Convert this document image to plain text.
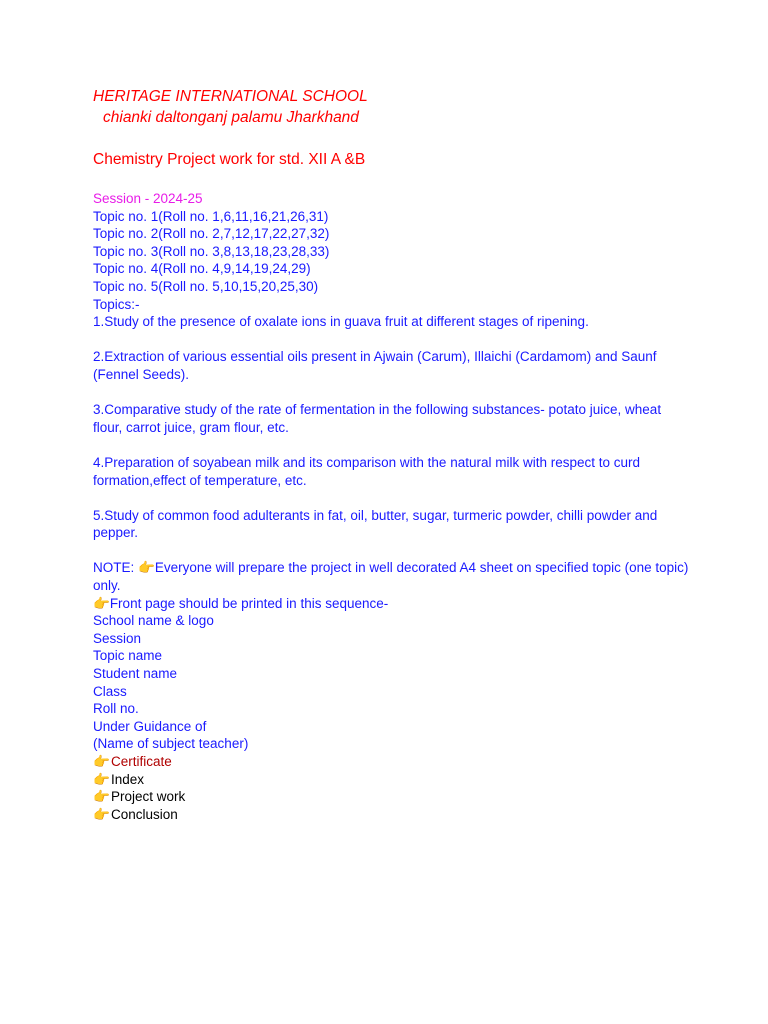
HERITAGE INTERNATIONAL SCHOOL

chianki daltonganj palamu Jharkhand

Chemistry Project work for std. XII A &B

Session - 2024-25

Topic no. 1(Roll no. 1,6,11,16,21,26,31)

Topic no. 2(Roll no. 2,7,12,17,22,27,32)

Topic no. 3(Roll no. 3,8,13,18,23,28,33)

Topic no. 4(Roll no. 4,9,14,19,24,29)

Topic no. 5(Roll no. 5,10,15,20,25,30)

Topics:-

1.Study of the presence of oxalate ions in guava fruit at different stages of ripening.

2.Extraction of various essential oils present in Ajwain (Carum), Illaichi (Cardamom) and Saunf (Fennel Seeds).

3.Comparative study of the rate of fermentation in the following substances- potato juice, wheat flour, carrot juice, gram flour, etc.

4.Preparation of soyabean milk and its comparison with the natural milk with respect to curd formation,effect of temperature, etc.

5.Study of common food adulterants in fat, oil, butter, sugar, turmeric powder, chilli powder and pepper.

NOTE: 👉Everyone will prepare the project in well decorated A4 sheet on specified topic (one topic) only.

👉Front page should be printed in this sequence-

School name & logo

Session

Topic name

Student name

Class

Roll no.

Under Guidance of

(Name of subject teacher)

👉Certificate

👉Index

👉Project work

👉Conclusion
